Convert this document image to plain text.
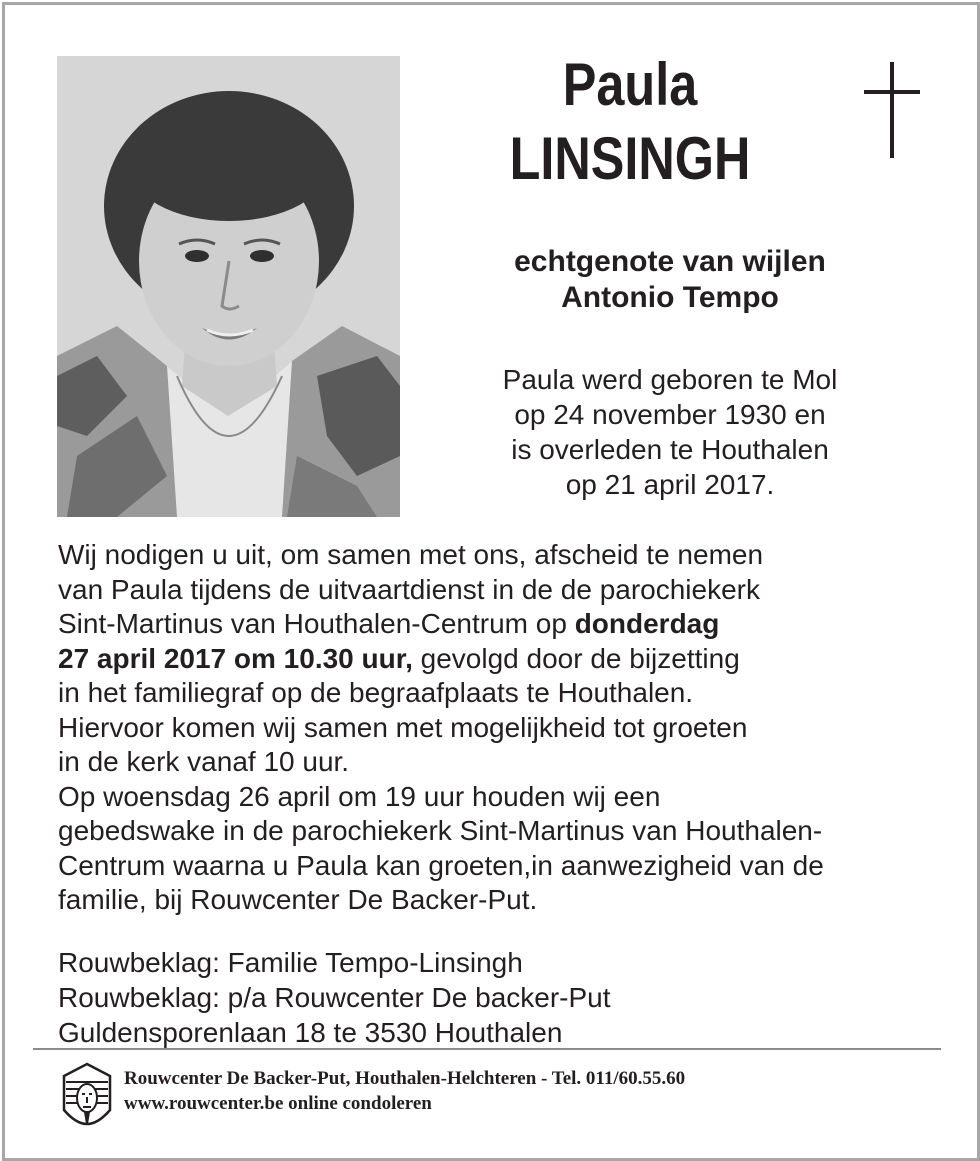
Paula
LINSINGH
echtgenote van wijlen
Antonio Tempo
Paula werd geboren te Mol
op 24 november 1930 en
is overleden te Houthalen
op 21 april 2017.
Wij nodigen u uit, om samen met ons, afscheid te nemen
van Paula tijdens de uitvaartdienst in de de parochiekerk
Sint-Martinus van Houthalen-Centrum op donderdag
27 april 2017 om 10.30 uur, gevolgd door de bijzetting
in het familiegraf op de begraafplaats te Houthalen.
Hiervoor komen wij samen met mogelijkheid tot groeten
in de kerk vanaf 10 uur.
Op woensdag 26 april om 19 uur houden wij een
gebedswake in de parochiekerk Sint-Martinus van Houthalen-
Centrum waarna u Paula kan groeten,in aanwezigheid van de
familie, bij Rouwcenter De Backer-Put.
Rouwbeklag: Familie Tempo-Linsingh
Rouwbeklag: p/a Rouwcenter De backer-Put
Guldensporenlaan 18 te 3530 Houthalen
Rouwcenter De Backer-Put, Houthalen-Helchteren - Tel. 011/60.55.60
www.rouwcenter.be online condoleren
